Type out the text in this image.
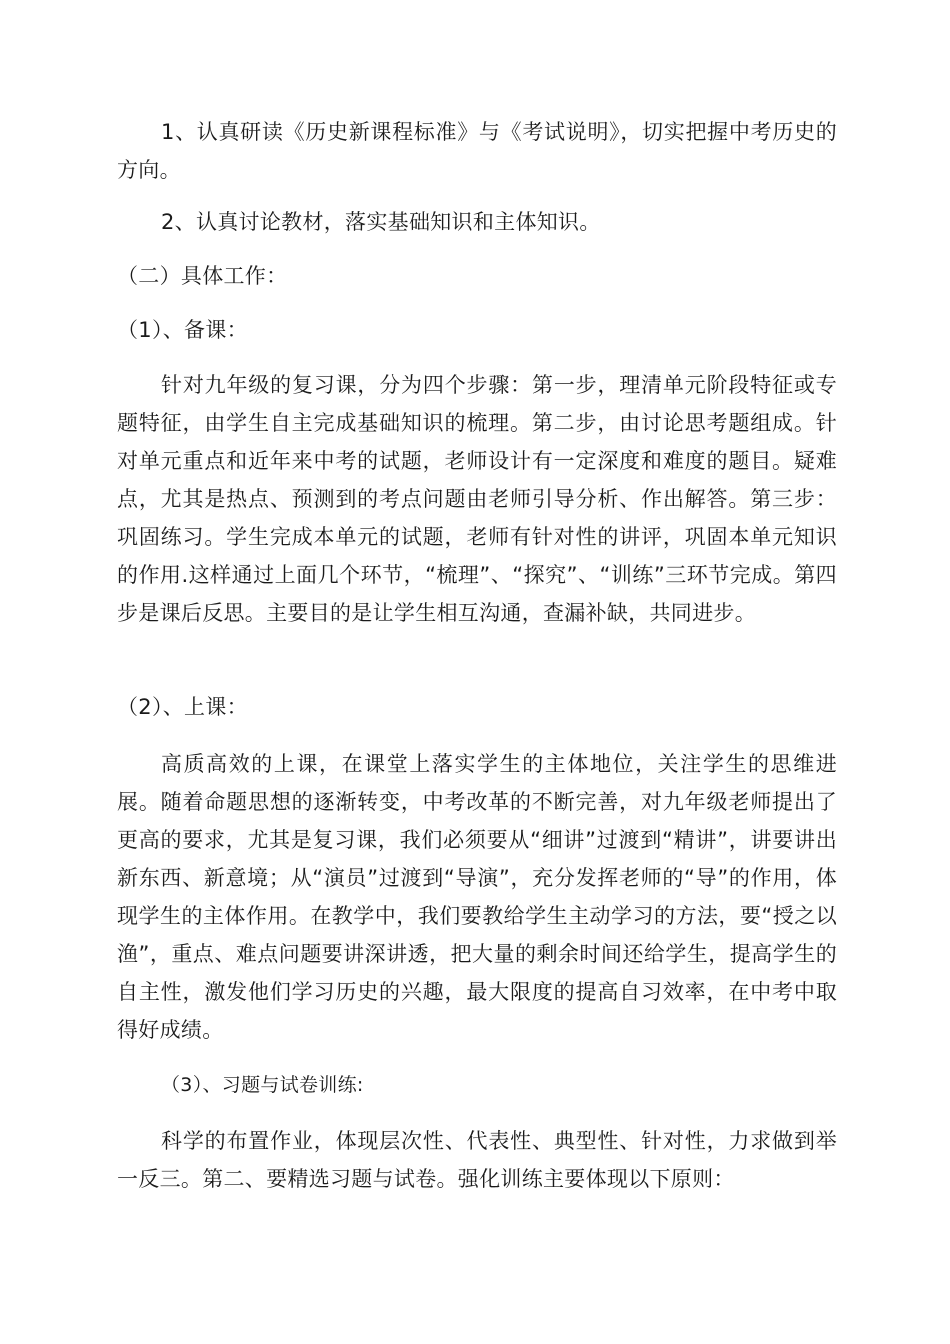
1、认真研读《历史新课程标准》与《考试说明》，切实把握中考历史的方向。

2、认真讨论教材，落实基础知识和主体知识。

（二）具体工作：

（1）、备课：

针对九年级的复习课，分为四个步骤：第一步，理清单元阶段特征或专题特征，由学生自主完成基础知识的梳理。第二步，由讨论思考题组成。针对单元重点和近年来中考的试题，老师设计有一定深度和难度的题目。疑难点，尤其是热点、预测到的考点问题由老师引导分析、作出解答。第三步：巩固练习。学生完成本单元的试题，老师有针对性的讲评，巩固本单元知识的作用.这样通过上面几个环节，“梳理”、“探究”、“训练”三环节完成。第四步是课后反思。主要目的是让学生相互沟通，查漏补缺，共同进步。

（2）、上课：

高质高效的上课，在课堂上落实学生的主体地位，关注学生的思维进展。随着命题思想的逐渐转变，中考改革的不断完善，对九年级老师提出了更高的要求，尤其是复习课，我们必须要从“细讲”过渡到“精讲”，讲要讲出新东西、新意境；从“演员”过渡到“导演”，充分发挥老师的“导”的作用，体现学生的主体作用。在教学中，我们要教给学生主动学习的方法，要“授之以渔”，重点、难点问题要讲深讲透，把大量的剩余时间还给学生，提高学生的自主性，激发他们学习历史的兴趣，最大限度的提高自习效率，在中考中取得好成绩。

（3）、习题与试卷训练:

科学的布置作业，体现层次性、代表性、典型性、针对性，力求做到举一反三。第二、要精选习题与试卷。强化训练主要体现以下原则：
